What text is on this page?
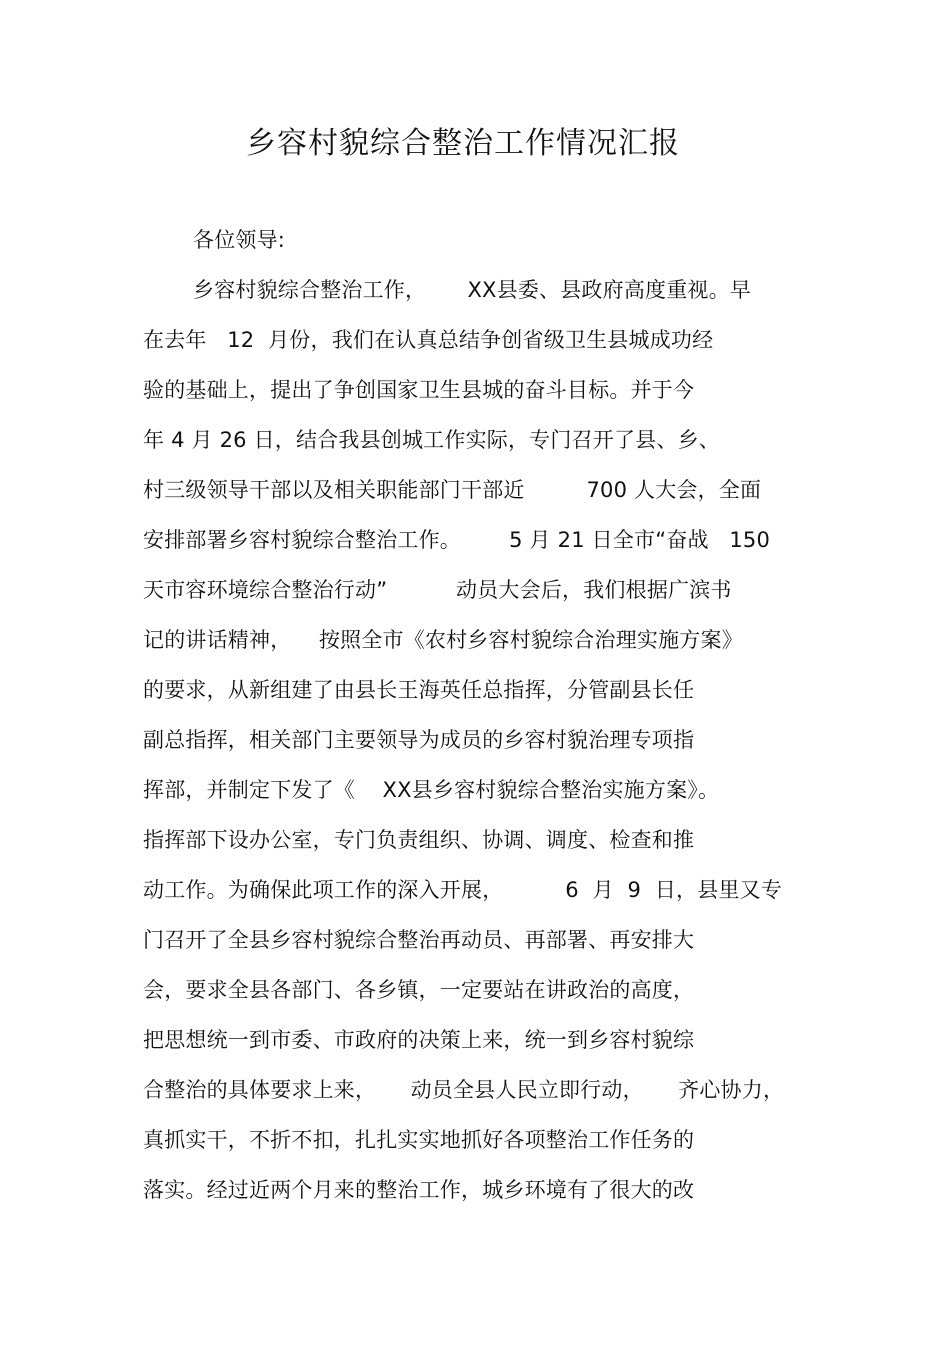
乡容村貌综合整治工作情况汇报
各位领导:
乡容村貌综合整治工作，      XX县委、县政府高度重视。早
在去年   12  月份，我们在认真总结争创省级卫生县城成功经
验的基础上，提出了争创国家卫生县城的奋斗目标。并于今
年 4 月 26 日，结合我县创城工作实际，专门召开了县、乡、
村三级领导干部以及相关职能部门干部近         700 人大会，全面
安排部署乡容村貌综合整治工作。       5 月 21 日全市“奋战   150
天市容环境综合整治行动”          动员大会后，我们根据广滨书
记的讲话精神，    按照全市《农村乡容村貌综合治理实施方案》
的要求，从新组建了由县长王海英任总指挥，分管副县长任
副总指挥，相关部门主要领导为成员的乡容村貌治理专项指
挥部，并制定下发了《    XX县乡容村貌综合整治实施方案》。
指挥部下设办公室，专门负责组织、协调、调度、检查和推
动工作。为确保此项工作的深入开展，         6  月  9  日，县里又专
门召开了全县乡容村貌综合整治再动员、再部署、再安排大
会，要求全县各部门、各乡镇，一定要站在讲政治的高度，
把思想统一到市委、市政府的决策上来，统一到乡容村貌综
合整治的具体要求上来，     动员全县人民立即行动，     齐心协力，
真抓实干，不折不扣，扎扎实实地抓好各项整治工作任务的
落实。经过近两个月来的整治工作，城乡环境有了很大的改
